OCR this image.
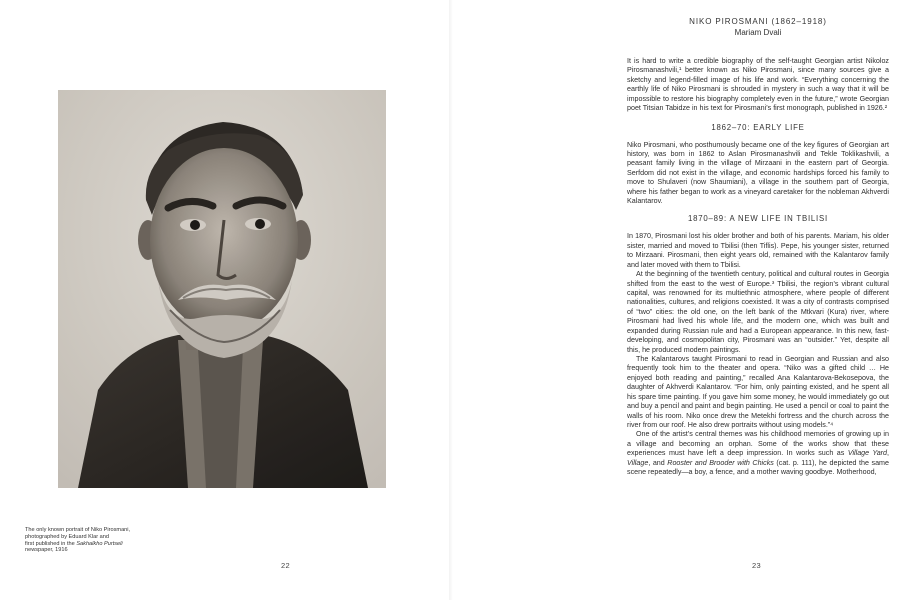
The only known portrait of Niko Pirosmani,
photographed by Eduard Klar and
first published in the Sakhalkho Purtseli
newspaper, 1916
22
NIKO PIROSMANI (1862–1918)
Mariam Dvali

It is hard to write a credible biography of the self-taught Georgian artist Nikoloz Pirosmanashvili,¹ better known as Niko Pirosmani, since many sources give a sketchy and legend-filled image of his life and work. “Everything concerning the earthly life of Niko Pirosmani is shrouded in mystery in such a way that it will be impossible to restore his biography completely even in the future,” wrote Georgian poet Titsian Tabidze in his text for Pirosmani’s first monograph, published in 1926.²

1862–70: EARLY LIFE

Niko Pirosmani, who posthumously became one of the key figures of Georgian art history, was born in 1862 to Aslan Pirosmanashvili and Tekle Toklikashvili, a peasant family living in the village of Mirzaani in the eastern part of Georgia. Serfdom did not exist in the village, and economic hardships forced his family to move to Shulaveri (now Shaumiani), a village in the southern part of Georgia, where his father began to work as a vineyard caretaker for the nobleman Akhverdi Kalantarov.

1870–89: A NEW LIFE IN TBILISI

In 1870, Pirosmani lost his older brother and both of his parents. Mariam, his older sister, married and moved to Tbilisi (then Tiflis). Pepe, his younger sister, returned to Mirzaani. Pirosmani, then eight years old, remained with the Kalantarov family and later moved with them to Tbilisi.

At the beginning of the twentieth century, political and cultural routes in Georgia shifted from the east to the west of Europe.³ Tbilisi, the region’s vibrant cultural capital, was renowned for its multiethnic atmosphere, where people of different nationalities, cultures, and religions coexisted. It was a city of contrasts comprised of “two” cities: the old one, on the left bank of the Mtkvari (Kura) river, where Pirosmani had lived his whole life, and the modern one, which was built and expanded during Russian rule and had a European appearance. In this new, fast-developing, and cosmopolitan city, Pirosmani was an “outsider.” Yet, despite all this, he produced modern paintings.

The Kalantarovs taught Pirosmani to read in Georgian and Russian and also frequently took him to the theater and opera. “Niko was a gifted child … He enjoyed both reading and painting,” recalled Ana Kalantarova-Bekosepova, the daughter of Akhverdi Kalantarov. “For him, only painting existed, and he spent all his spare time painting. If you gave him some money, he would immediately go out and buy a pencil and paint and begin painting. He used a pencil or coal to paint the walls of his room. Niko once drew the Metekhi fortress and the church across the river from our roof. He also drew portraits without using models.”⁴

One of the artist’s central themes was his childhood memories of growing up in a village and becoming an orphan. Some of the works show that these experiences must have left a deep impression. In works such as Village Yard, Village, and Rooster and Brooder with Chicks (cat. p. 111), he depicted the same scene repeatedly—a boy, a fence, and a mother waving goodbye. Motherhood,

23
